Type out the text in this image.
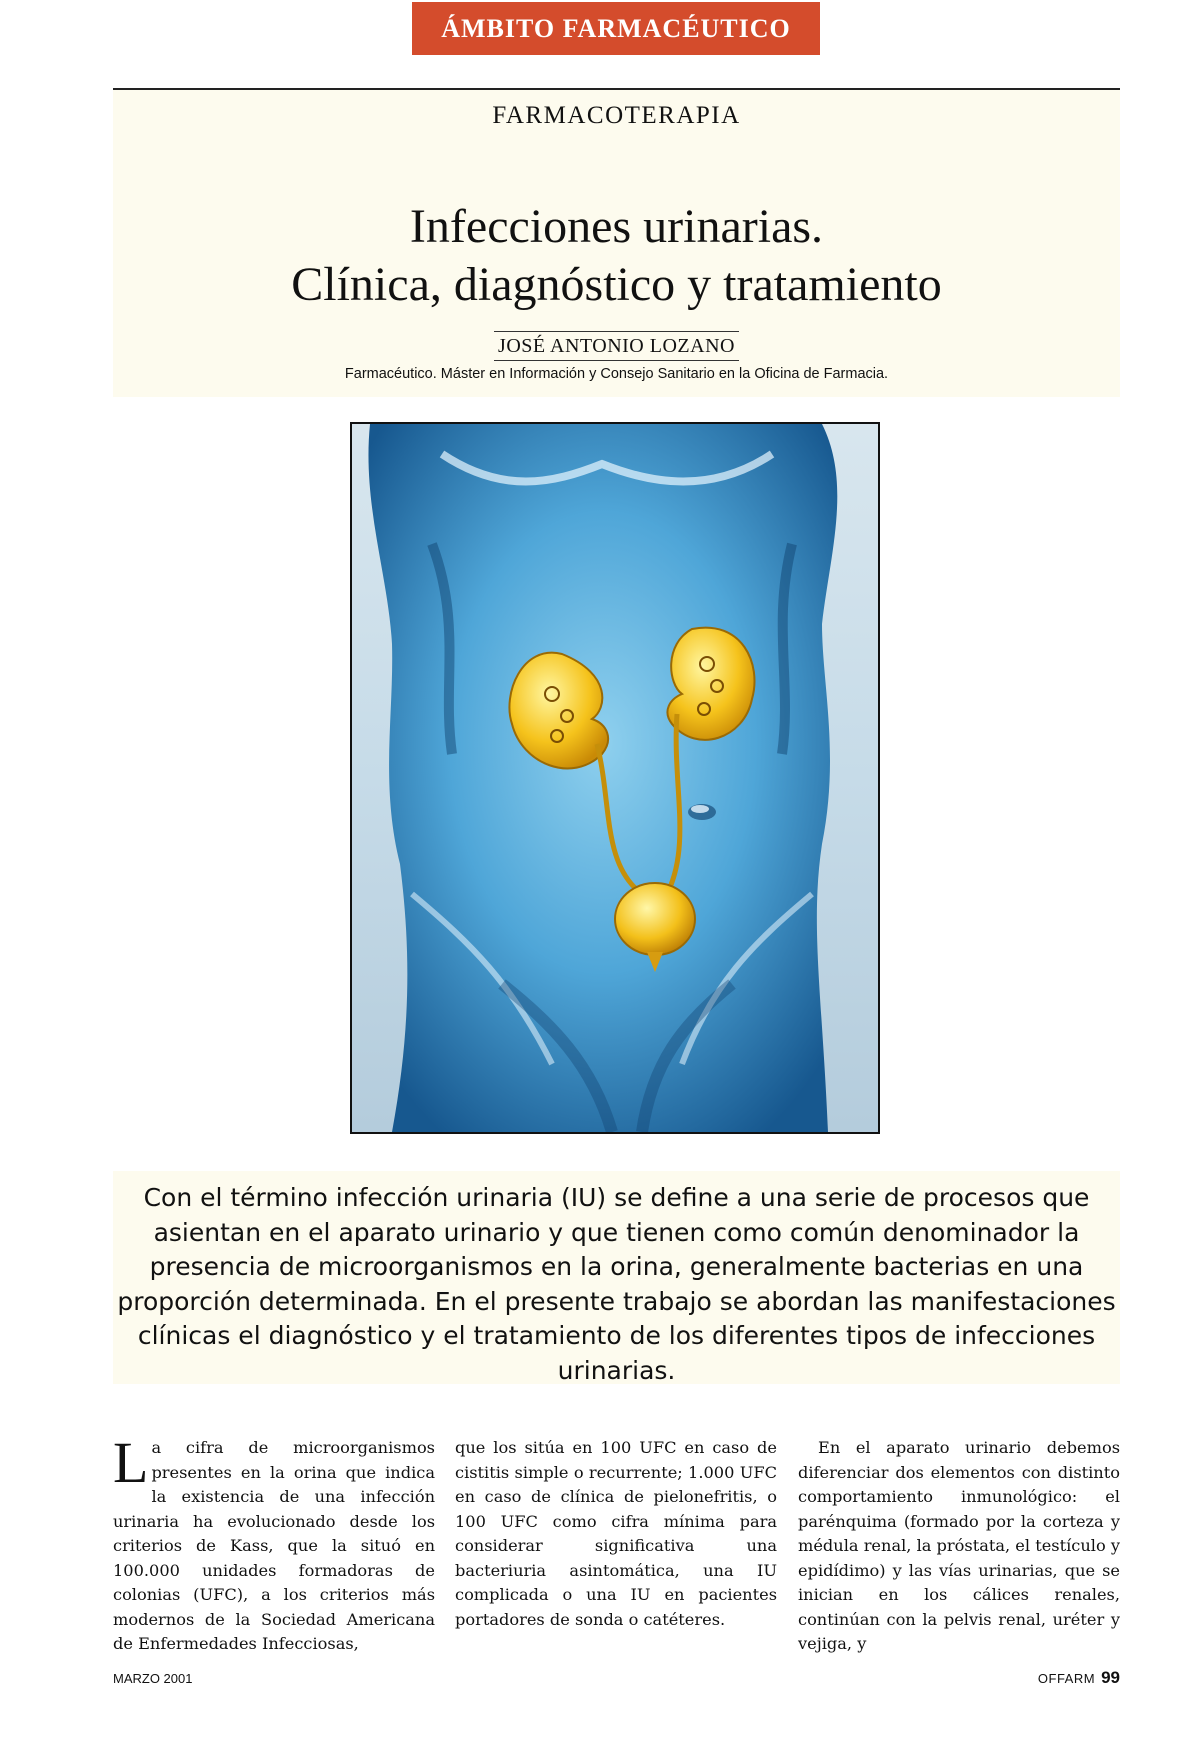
ÁMBITO FARMACÉUTICO
FARMACOTERAPIA
Infecciones urinarias.
Clínica, diagnóstico y tratamiento
JOSÉ ANTONIO LOZANO
Farmacéutico. Máster en Información y Consejo Sanitario en la Oficina de Farmacia.

Con el término infección urinaria (IU) se define a una serie de procesos que asientan en el aparato urinario y que tienen como común denominador la presencia de microorganismos en la orina, generalmente bacterias en una proporción determinada. En el presente trabajo se abordan las manifestaciones clínicas el diagnóstico y el tratamiento de los diferentes tipos de infecciones urinarias.

La cifra de microorganismos presentes en la orina que indica la existencia de una infección urinaria ha evolucionado desde los criterios de Kass, que la situó en 100.000 unidades formadoras de colonias (UFC), a los criterios más modernos de la Sociedad Americana de Enfermedades Infecciosas,

que los sitúa en 100 UFC en caso de cistitis simple o recurrente; 1.000 UFC en caso de clínica de pielonefritis, o 100 UFC como cifra mínima para considerar significativa una bacteriuria asintomática, una IU complicada o una IU en pacientes portadores de sonda o catéteres.

En el aparato urinario debemos diferenciar dos elementos con distinto comportamiento inmunológico: el parénquima (formado por la corteza y médula renal, la próstata, el testículo y epidídimo) y las vías urinarias, que se inician en los cálices renales, continúan con la pelvis renal, uréter y vejiga, y

MARZO 2001	OFFARM 99
